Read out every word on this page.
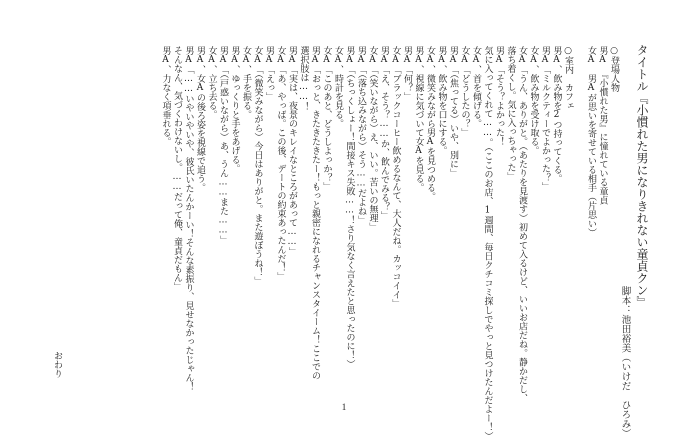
タイトル『小慣れた男になりきれない童貞クン』
脚本：池田裕美（いけだ　ひろみ）
○登場人物
男A　『小慣れた男』に憧れている童貞
女A　男Aが思いを寄せている相手（片思い）
○室内　カフェ
男A、飲み物を2つ持ってくる。
男A「ミルクティーでよかった？」
女A、飲み物を受け取る。
女A「うん、ありがと。（あたりを見渡す）初めて入るけど、いいお店だね。静かだし、
落ち着くし。気に入っちゃった」
男A「そう？よかった！
気に入ってくれて……。（ここのお店、1週間、毎日クチコミ探しでやっと見つけたんだよー！）
女A、首を傾げる。
女A「どうしたの？」
男A「（焦ってる）いや、別に」
男A、飲み物を口にする。
女A、微笑みながら男Aを見つめる。
男A、視線に気づいて女Aを見る。
男A「何？」
女A「ブラックコーヒー飲めるなんて、大人だね。カッコイイ」
男A「え、そう？……か、飲んでみる？」
女A「（笑いながら）え、いい。苦いの無理」
男A「（落ち込みながら）そう……だよね」
男A「（ちっくしょー！間接キス失敗……！さり気なく言えたと思ったのに！）
女A、時計を見る。
女A「このあと、どうしよっか？」
男A「おっと、きたきたきたー！もっと親密になれるチャンスタイーム！ここでの
選択肢は……！
男A「実は、夜景のキレイなところがあって……」
女A「あ、やっば。この後、デートの約束あったんだ！」
男A「えっ」
女A「（微笑みながら）今日はありがと。また遊ぼうね！」
女A、手を振る。
男A、ゆっくりと手をあげる。
男A「（戸惑いながら）あ、うん……また……」
女A、立ち去る。
男A、女Aの後ろ姿を視線で追う。
男A「……いやいやいや、彼氏いたんかーい！そんな素振り、見せなかったじゃん！
そんなん、気づくわけないし。……だって俺、童貞だもん」
男A、力なく項垂れる。
おわり
1
